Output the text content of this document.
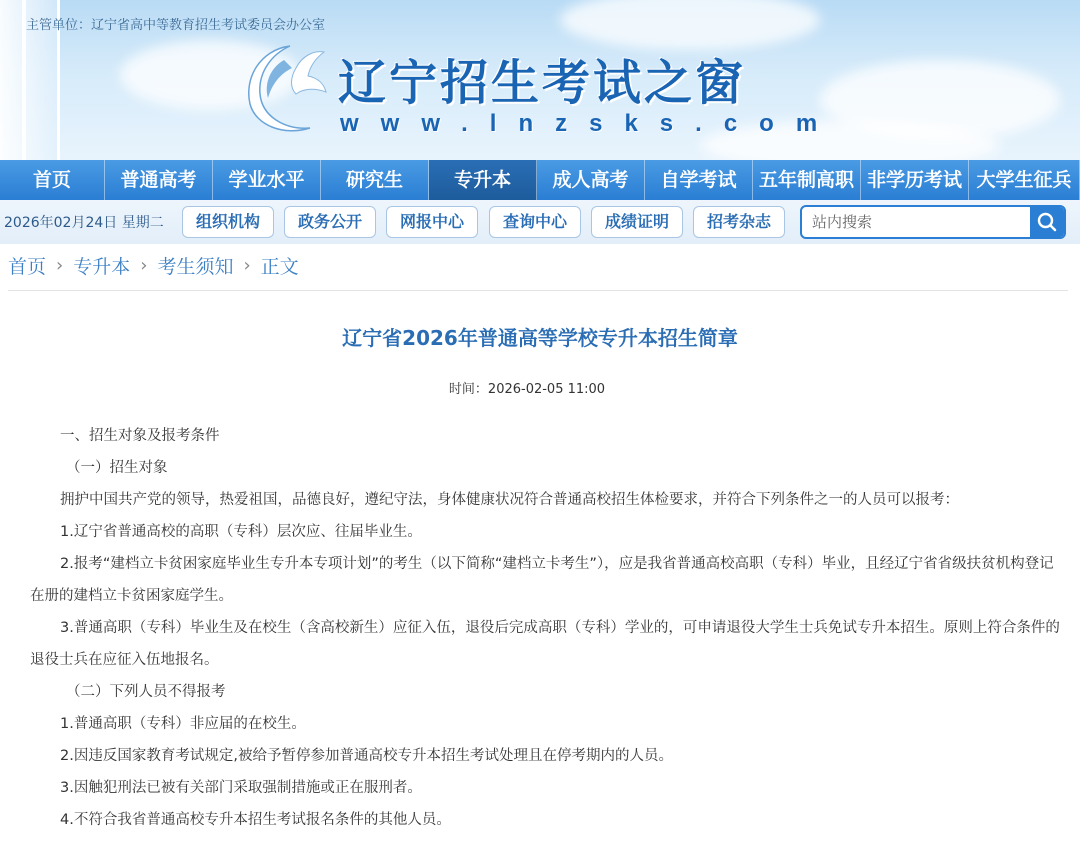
主管单位：辽宁省高中等教育招生考试委员会办公室
辽宁招生考试之窗
www.lnzsks.com
首页	普通高考	学业水平	研究生	专升本	成人高考	自学考试	五年制高职 非学历考试 大学生征兵
2026年02月24日 星期二	组织机构	政务公开	网报中心	查询中心	成绩证明	招考杂志
站内搜索
首页 › 专升本 › 考生须知 › 正文
辽宁省2026年普通高等学校专升本招生简章
时间：2026-02-05 11:00

一、招生对象及报考条件

（一）招生对象

拥护中国共产党的领导，热爱祖国，品德良好，遵纪守法，身体健康状况符合普通高校招生体检要求，并符合下列条件之一的人员可以报考：

1.辽宁省普通高校的高职（专科）层次应、往届毕业生。

2.报考“建档立卡贫困家庭毕业生专升本专项计划”的考生（以下简称“建档立卡考生”），应是我省普通高校高职（专科）毕业，且经辽宁省省级扶贫机构登记在册的建档立卡贫困家庭学生。

3.普通高职（专科）毕业生及在校生（含高校新生）应征入伍，退役后完成高职（专科）学业的，可申请退役大学生士兵免试专升本招生。原则上符合条件的退役士兵在应征入伍地报名。

（二）下列人员不得报考

1.普通高职（专科）非应届的在校生。

2.因违反国家教育考试规定,被给予暂停参加普通高校专升本招生考试处理且在停考期内的人员。

3.因触犯刑法已被有关部门采取强制措施或正在服刑者。

4.不符合我省普通高校专升本招生考试报名条件的其他人员。
